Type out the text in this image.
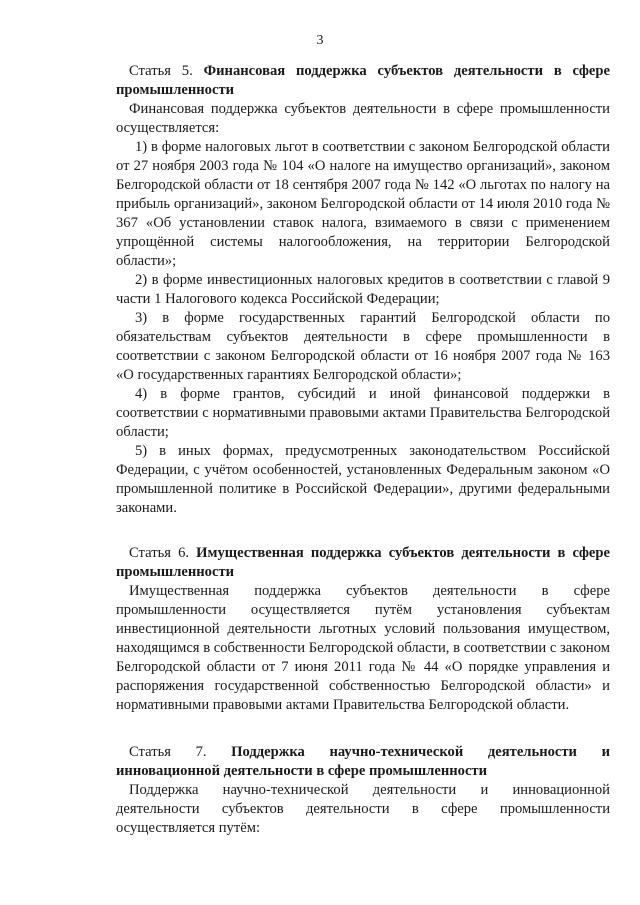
3

Статья 5. Финансовая поддержка субъектов деятельности в сфере промышленности

Финансовая поддержка субъектов деятельности в сфере промышленности осуществляется:

1) в форме налоговых льгот в соответствии с законом Белгородской области от 27 ноября 2003 года № 104 «О налоге на имущество организаций», законом Белгородской области от 18 сентября 2007 года № 142 «О льготах по налогу на прибыль организаций», законом Белгородской области от 14 июля 2010 года № 367 «Об установлении ставок налога, взимаемого в связи с применением упрощённой системы налогообложения, на территории Белгородской области»;

2) в форме инвестиционных налоговых кредитов в соответствии с главой 9 части 1 Налогового кодекса Российской Федерации;

3) в форме государственных гарантий Белгородской области по обязательствам субъектов деятельности в сфере промышленности в соответствии с законом Белгородской области от 16 ноября 2007 года № 163 «О государственных гарантиях Белгородской области»;

4) в форме грантов, субсидий и иной финансовой поддержки в соответствии с нормативными правовыми актами Правительства Белгородской области;

5) в иных формах, предусмотренных законодательством Российской Федерации, с учётом особенностей, установленных Федеральным законом «О промышленной политике в Российской Федерации», другими федеральными законами.

Статья 6. Имущественная поддержка субъектов деятельности в сфере промышленности

Имущественная поддержка субъектов деятельности в сфере промышленности осуществляется путём установления субъектам инвестиционной деятельности льготных условий пользования имуществом, находящимся в собственности Белгородской области, в соответствии с законом Белгородской области от 7 июня 2011 года № 44 «О порядке управления и распоряжения государственной собственностью Белгородской области» и нормативными правовыми актами Правительства Белгородской области.

Статья 7. Поддержка научно-технической деятельности и инновационной деятельности в сфере промышленности

Поддержка научно-технической деятельности и инновационной деятельности субъектов деятельности в сфере промышленности осуществляется путём:
